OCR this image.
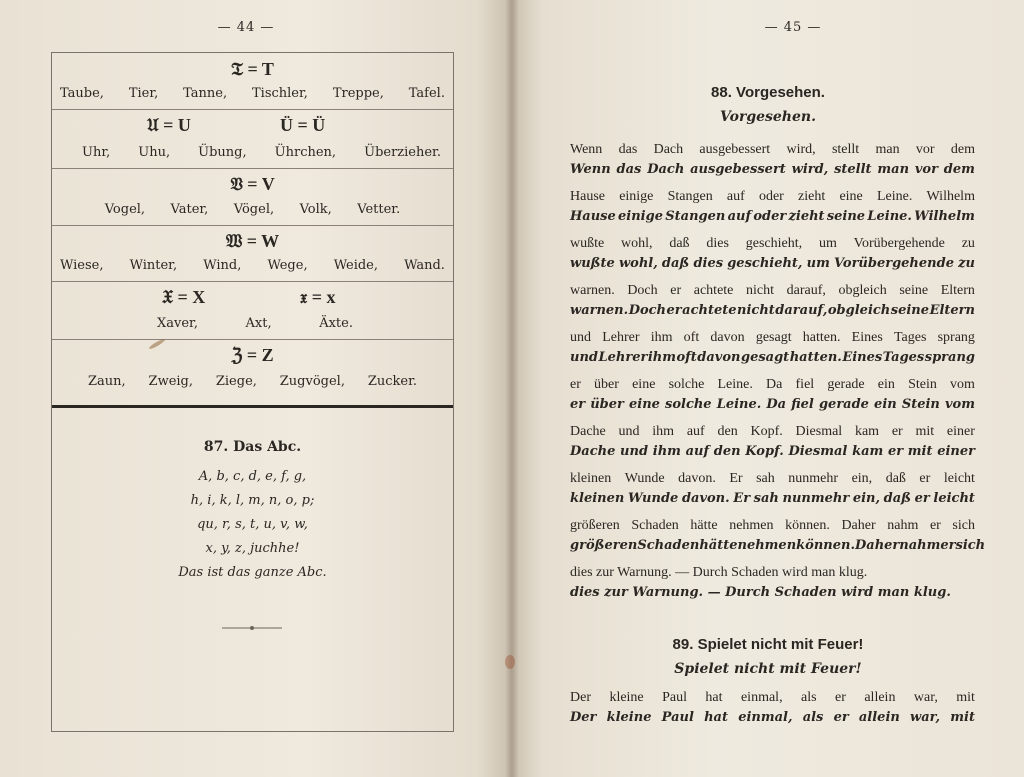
— 44 —
𝔗 = T
Taube, Tier, Tanne, Tischler, Treppe, Tafel.
𝔘 = U	Ü = Ü
Uhr, Uhu, Übung, Ührchen, Überzieher.
𝔙 = V
Vogel, Vater, Vögel, Volk, Vetter.
𝔚 = W
Wiese, Winter, Wind, Wege, Weide, Wand.
𝔛 = X	𝔵 = x
Xaver,	Axt,	Äxte.
ℨ = Z
Zaun, Zweig, Ziege, Zugvögel, Zucker.
87. Das Abc.
A, b, c, d, e, f, g,
h, i, k, l, m, n, o, p;
qu, r, s, t, u, v, w,
x, y, z, juchhe!
Das ist das ganze Abc.
— 45 —
88. Vorgesehen.
Vorgesehen.
Wenn das Dach ausgebessert wird, stellt man vor dem
Wenn das Dach ausgebessert wird, stellt man vor dem
Hause einige Stangen auf oder zieht eine Leine. Wilhelm
Hause einige Stangen auf oder zieht seine Leine. Wilhelm
wußte wohl, daß dies geschieht, um Vorübergehende zu
wußte wohl, daß dies geschieht, um Vorübergehende zu
warnen. Doch er achtete nicht darauf, obgleich seine Eltern
warnen. Doch er achtete nicht darauf, obgleich seine Eltern
und Lehrer ihm oft davon gesagt hatten. Eines Tages sprang
und Lehrer ihm oft davon gesagt hatten. Eines Tages sprang
er über eine solche Leine. Da fiel gerade ein Stein vom
er über eine solche Leine. Da fiel gerade ein Stein vom
Dache und ihm auf den Kopf. Diesmal kam er mit einer
Dache und ihm auf den Kopf. Diesmal kam er mit einer
kleinen Wunde davon. Er sah nunmehr ein, daß er leicht
kleinen Wunde davon. Er sah nunmehr ein, daß er leicht
größeren Schaden hätte nehmen können. Daher nahm er sich
größeren Schaden hätte nehmen können. Daher nahm er sich
dies zur Warnung. — Durch Schaden wird man klug.
dies zur Warnung. — Durch Schaden wird man klug.
89. Spielet nicht mit Feuer!
Spielet nicht mit Feuer!
Der kleine Paul hat einmal, als er allein war, mit
Der kleine Paul hat einmal, als er allein war, mit
